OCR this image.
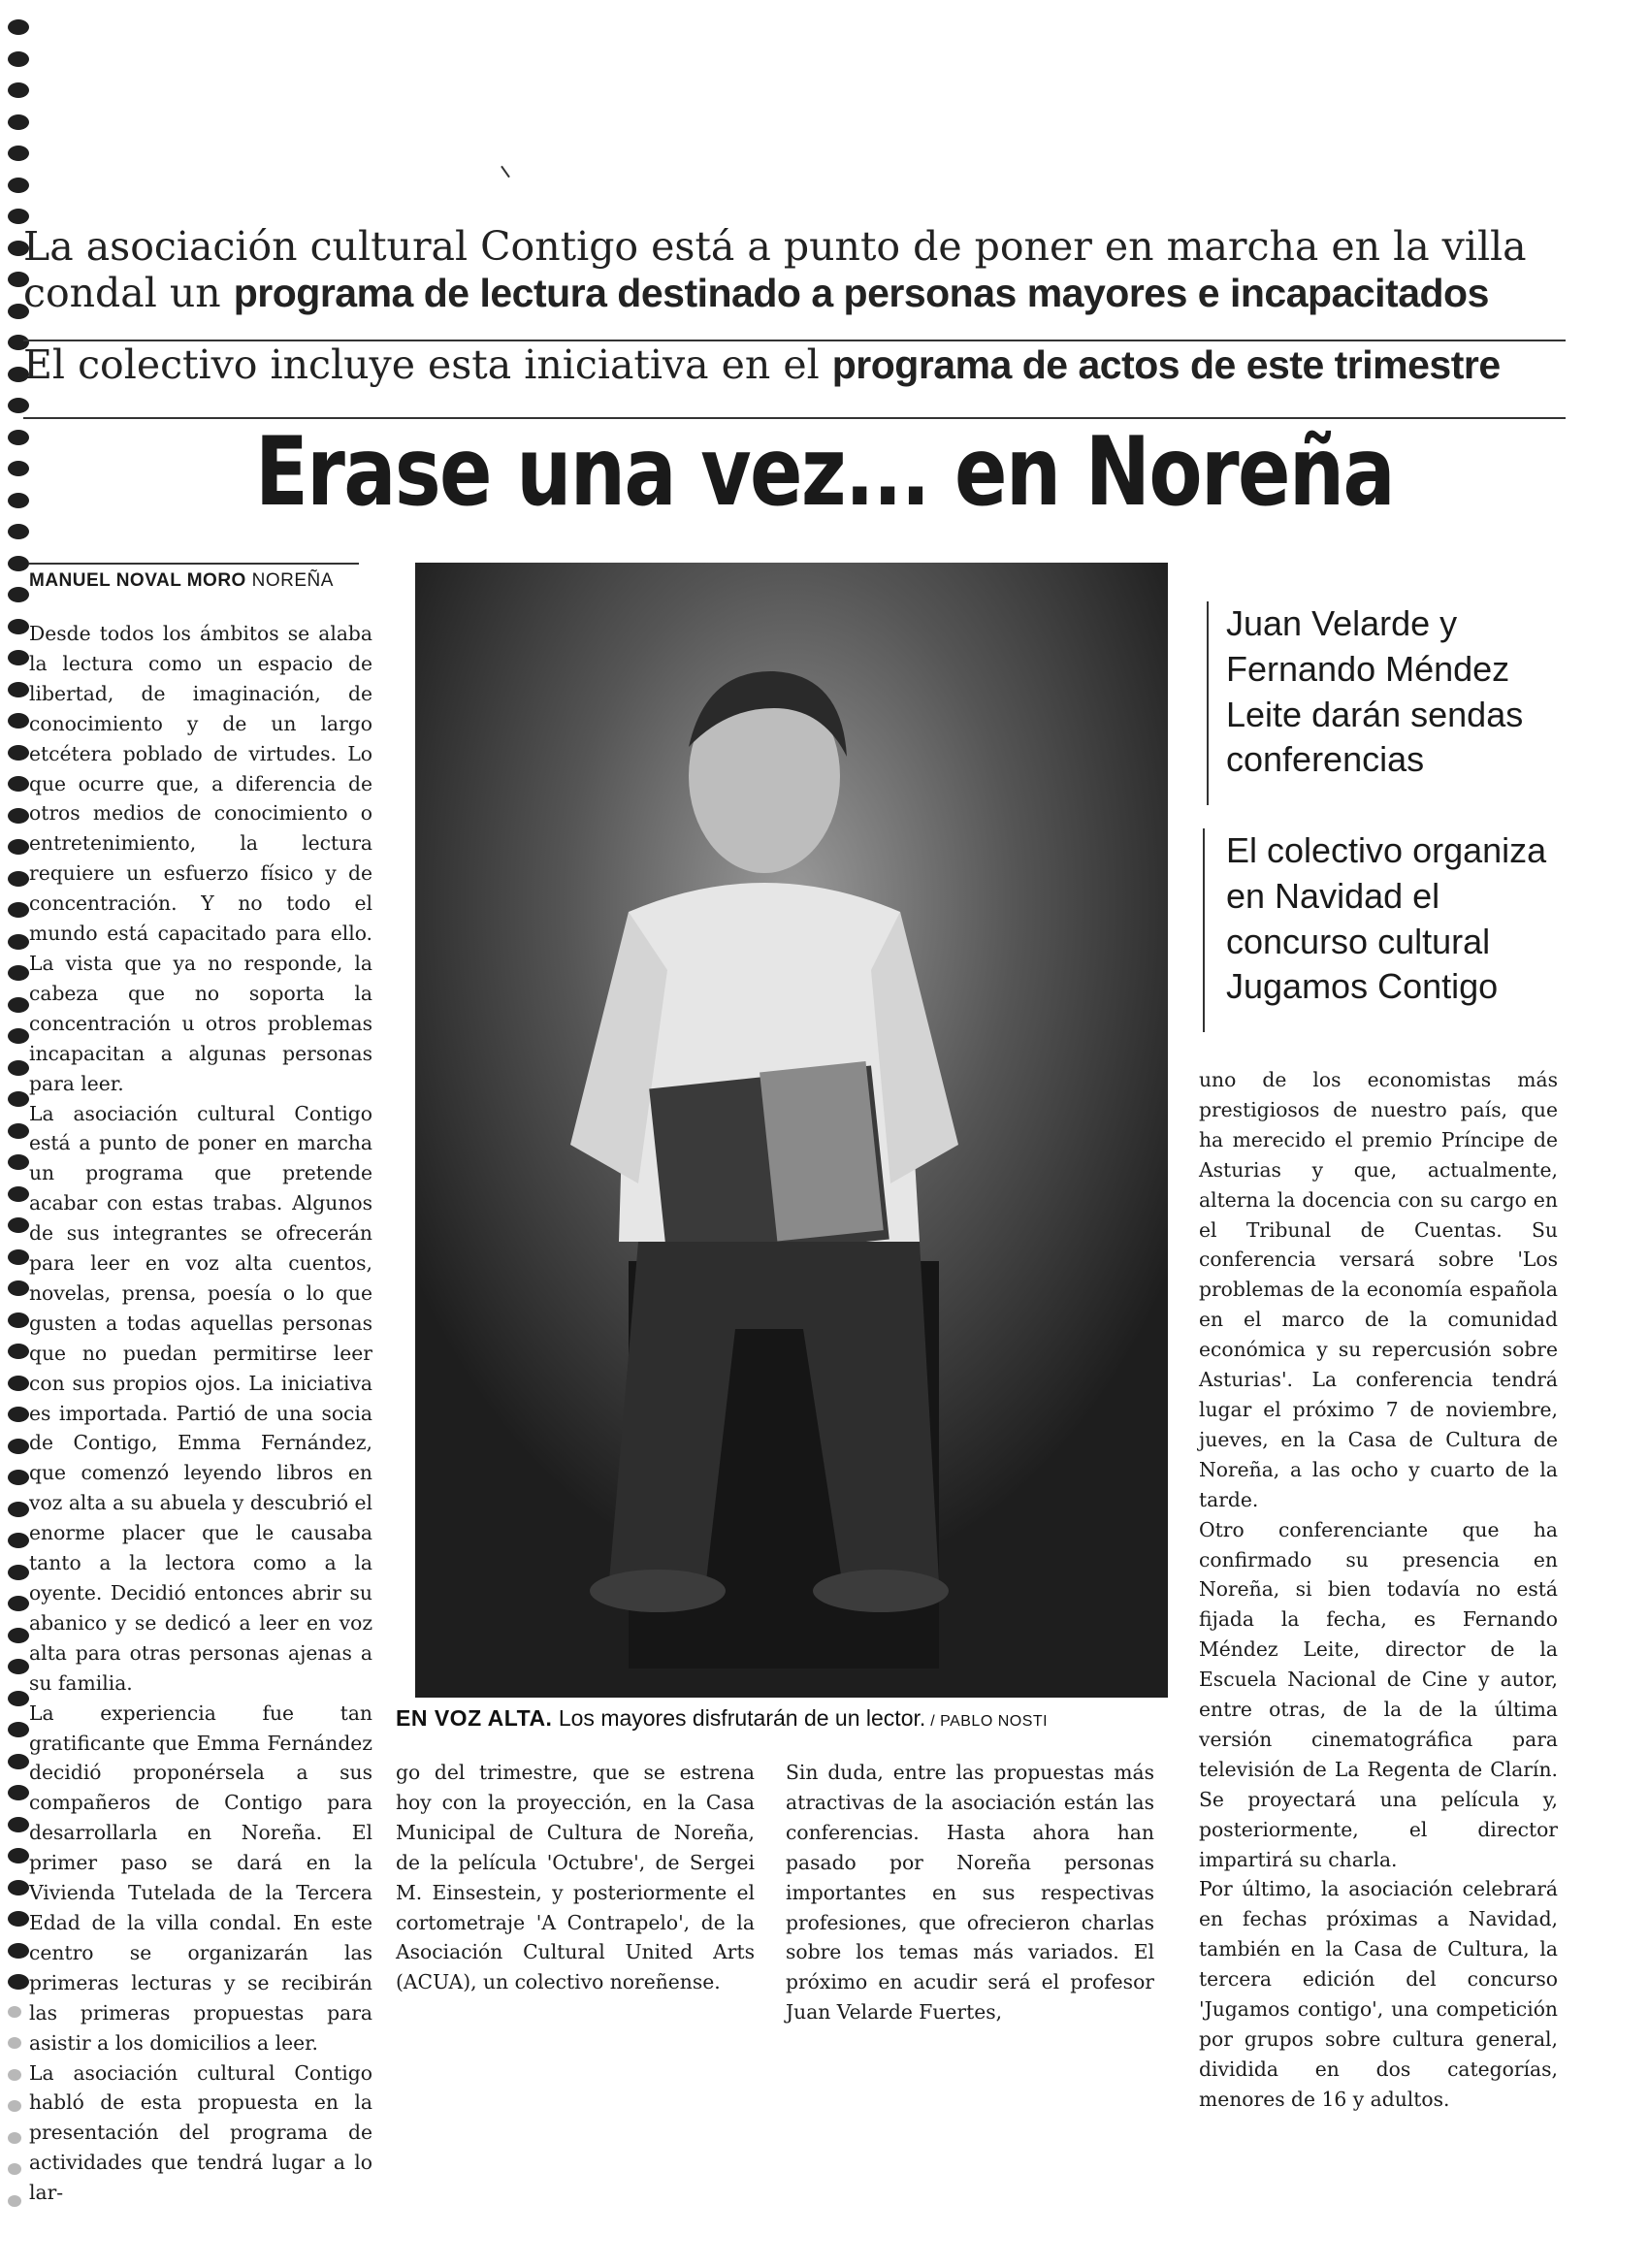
La asociación cultural Contigo está a punto de poner en marcha en la villa condal un programa de lectura destinado a personas mayores e incapacitados
El colectivo incluye esta iniciativa en el programa de actos de este trimestre
Erase una vez... en Noreña
MANUEL NOVAL MORO NOREÑA
Desde todos los ámbitos se alaba la lectura como un espacio de libertad, de imaginación, de conocimiento y de un largo etcétera poblado de virtudes. Lo que ocurre que, a diferencia de otros medios de conocimiento o entretenimiento, la lectura requiere un esfuerzo físico y de concentración. Y no todo el mundo está capacitado para ello. La vista que ya no responde, la cabeza que no soporta la concentración u otros problemas incapacitan a algunas personas para leer.
La asociación cultural Contigo está a punto de poner en marcha un programa que pretende acabar con estas trabas. Algunos de sus integrantes se ofrecerán para leer en voz alta cuentos, novelas, prensa, poesía o lo que gusten a todas aquellas personas que no puedan permitirse leer con sus propios ojos. La iniciativa es importada. Partió de una socia de Contigo, Emma Fernández, que comenzó leyendo libros en voz alta a su abuela y descubrió el enorme placer que le causaba tanto a la lectora como a la oyente. Decidió entonces abrir su abanico y se dedicó a leer en voz alta para otras personas ajenas a su familia.
La experiencia fue tan gratificante que Emma Fernández decidió proponérsela a sus compañeros de Contigo para desarrollarla en Noreña. El primer paso se dará en la Vivienda Tutelada de la Tercera Edad de la villa condal. En este centro se organizarán las primeras lecturas y se recibirán las primeras propuestas para asistir a los domicilios a leer.
La asociación cultural Contigo habló de esta propuesta en la presentación del programa de actividades que tendrá lugar a lo lar-
EN VOZ ALTA. Los mayores disfrutarán de un lector. / PABLO NOSTI
Juan Velarde y Fernando Méndez Leite darán sendas conferencias
El colectivo organiza en Navidad el concurso cultural Jugamos Contigo
go del trimestre, que se estrena hoy con la proyección, en la Casa Municipal de Cultura de Noreña, de la película 'Octubre', de Sergei M. Einsestein, y posteriormente el cortometraje 'A Contrapelo', de la Asociación Cultural United Arts (ACUA), un colectivo noreñense.
Sin duda, entre las propuestas más atractivas de la asociación están las conferencias. Hasta ahora han pasado por Noreña personas importantes en sus respectivas profesiones, que ofrecieron charlas sobre los temas más variados. El próximo en acudir será el profesor Juan Velarde Fuertes,
uno de los economistas más prestigiosos de nuestro país, que ha merecido el premio Príncipe de Asturias y que, actualmente, alterna la docencia con su cargo en el Tribunal de Cuentas. Su conferencia versará sobre 'Los problemas de la economía española en el marco de la comunidad económica y su repercusión sobre Asturias'. La conferencia tendrá lugar el próximo 7 de noviembre, jueves, en la Casa de Cultura de Noreña, a las ocho y cuarto de la tarde.
Otro conferenciante que ha confirmado su presencia en Noreña, si bien todavía no está fijada la fecha, es Fernando Méndez Leite, director de la Escuela Nacional de Cine y autor, entre otras, de la de la última versión cinematográfica para televisión de La Regenta de Clarín. Se proyectará una película y, posteriormente, el director impartirá su charla.
Por último, la asociación celebrará en fechas próximas a Navidad, también en la Casa de Cultura, la tercera edición del concurso 'Jugamos contigo', una competición por grupos sobre cultura general, dividida en dos categorías, menores de 16 y adultos.
